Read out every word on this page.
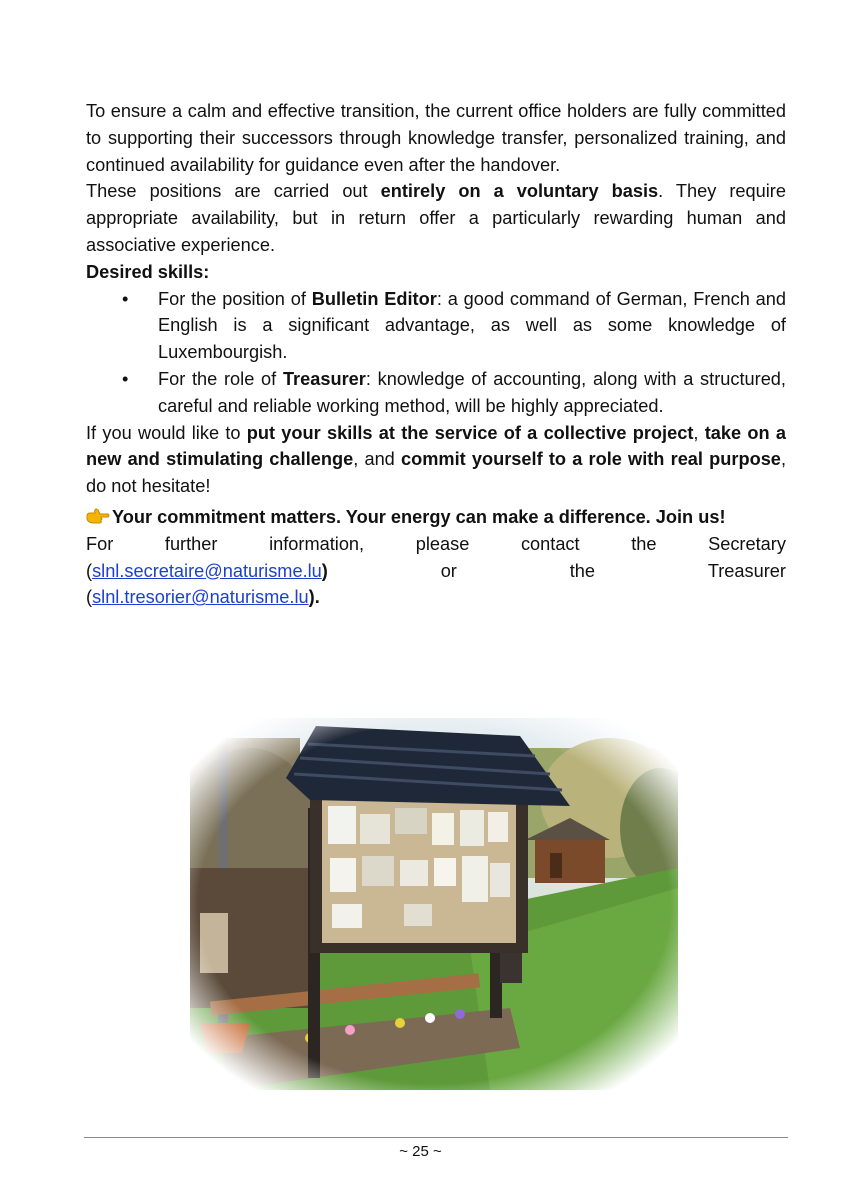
To ensure a calm and effective transition, the current office holders are fully committed to supporting their successors through knowledge transfer, personalized training, and continued availability for guidance even after the handover.

These positions are carried out entirely on a voluntary basis. They require appropriate availability, but in return offer a particularly rewarding human and associative experience.

Desired skills:

• For the position of Bulletin Editor: a good command of German, French and English is a significant advantage, as well as some knowledge of Luxembourgish.
• For the role of Treasurer: knowledge of accounting, along with a structured, careful and reliable working method, will be highly appreciated.

If you would like to put your skills at the service of a collective project, take on a new and stimulating challenge, and commit yourself to a role with real purpose, do not hesitate!

Your commitment matters. Your energy can make a difference. Join us!

For	further	information,	please	contact	the	Secretary
(slnl.secretaire@naturisme.lu)	or	the	Treasurer
(slnl.tresorier@naturisme.lu).
~ 25 ~
